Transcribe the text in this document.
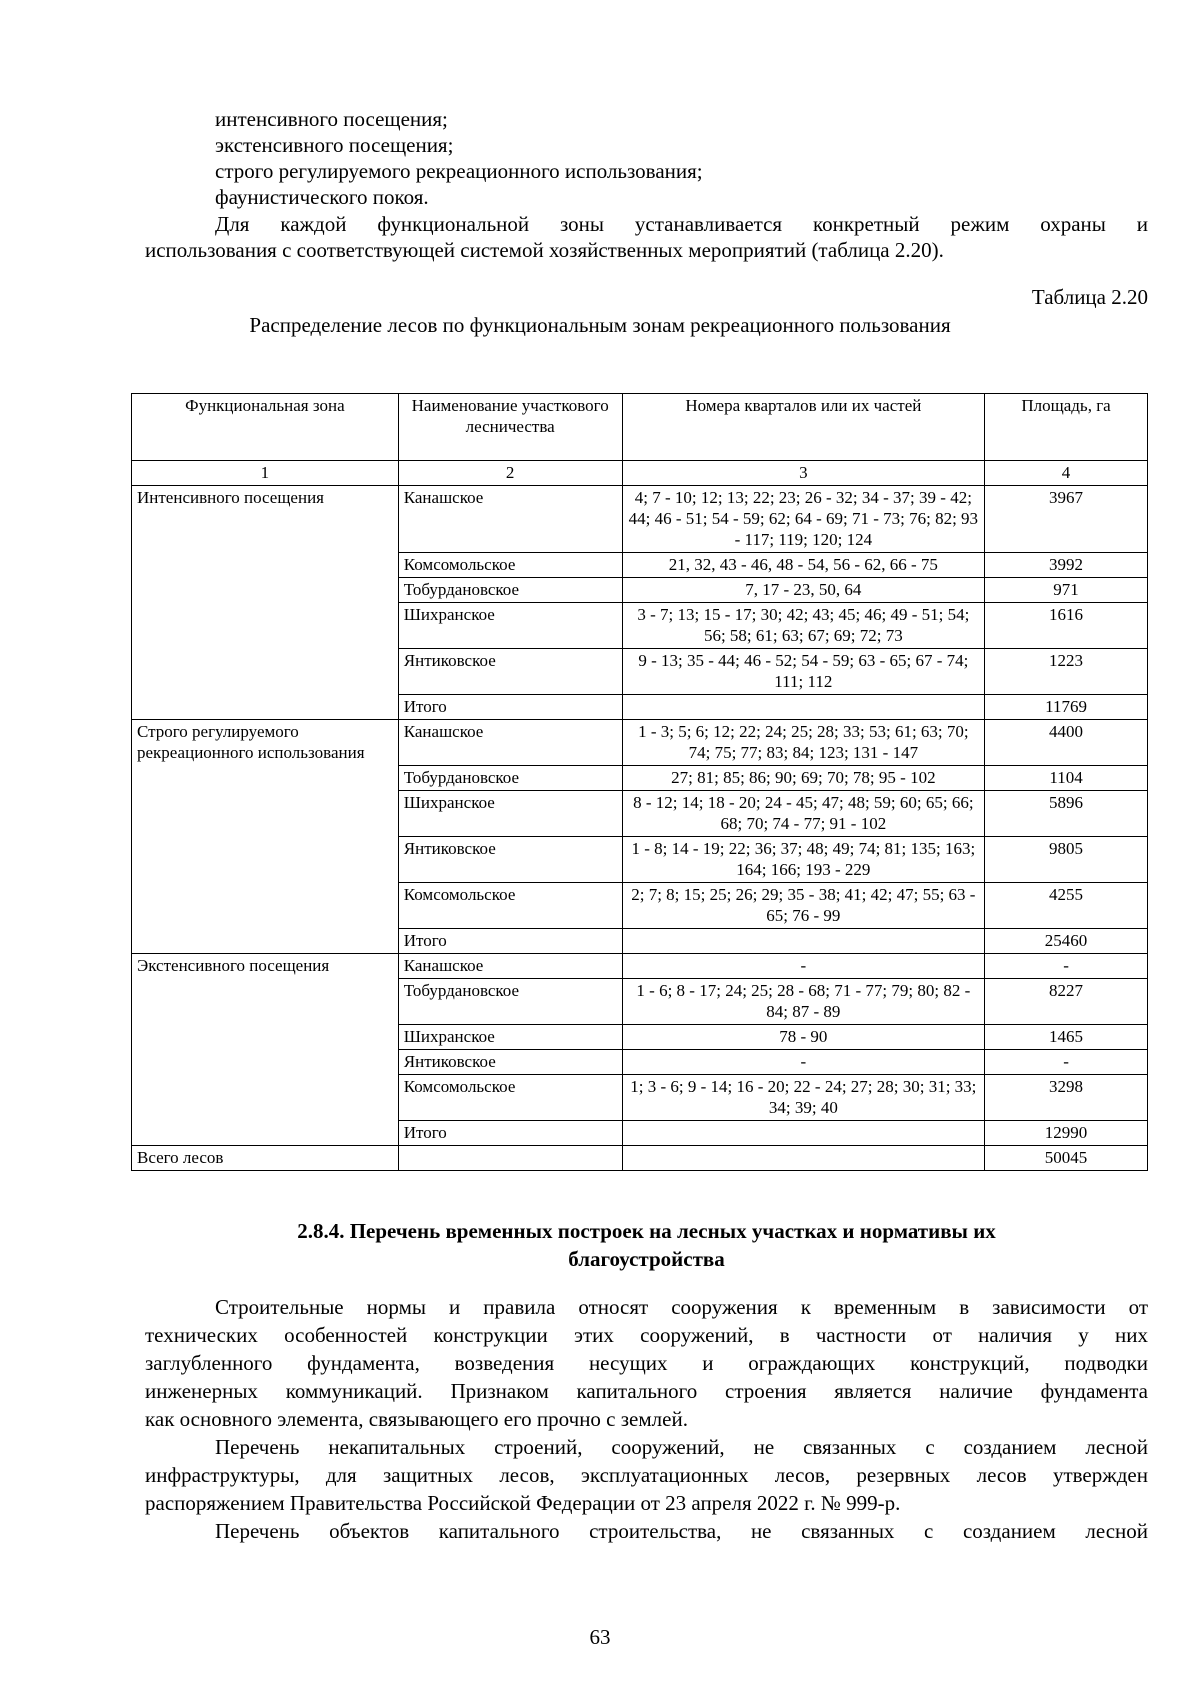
интенсивного посещения;
экстенсивного посещения;
строго регулируемого рекреационного использования;
фаунистического покоя.
Для каждой функциональной зоны устанавливается конкретный режим охраны и
использования с соответствующей системой хозяйственных мероприятий (таблица 2.20).
Таблица 2.20
Распределение лесов по функциональным зонам рекреационного пользования
Функциональная зона	Наименование участкового лесничества	Номера кварталов или их частей	Площадь, га
1	2	3	4
Интенсивного посещения	Канашское	4; 7 - 10; 12; 13; 22; 23; 26 - 32; 34 - 37; 39 - 42; 44; 46 - 51; 54 - 59; 62; 64 - 69; 71 - 73; 76; 82; 93 - 117; 119; 120; 124	3967
	Комсомольское	21, 32, 43 - 46, 48 - 54, 56 - 62, 66 - 75	3992
	Тобурдановское	7, 17 - 23, 50, 64	971
	Шихранское	3 - 7; 13; 15 - 17; 30; 42; 43; 45; 46; 49 - 51; 54; 56; 58; 61; 63; 67; 69; 72; 73	1616
	Янтиковское	9 - 13; 35 - 44; 46 - 52; 54 - 59; 63 - 65; 67 - 74; 111; 112	1223
	Итого		11769
Строго регулируемого рекреационного использования	Канашское	1 - 3; 5; 6; 12; 22; 24; 25; 28; 33; 53; 61; 63; 70; 74; 75; 77; 83; 84; 123; 131 - 147	4400
	Тобурдановское	27; 81; 85; 86; 90; 69; 70; 78; 95 - 102	1104
	Шихранское	8 - 12; 14; 18 - 20; 24 - 45; 47; 48; 59; 60; 65; 66; 68; 70; 74 - 77; 91 - 102	5896
	Янтиковское	1 - 8; 14 - 19; 22; 36; 37; 48; 49; 74; 81; 135; 163; 164; 166; 193 - 229	9805
	Комсомольское	2; 7; 8; 15; 25; 26; 29; 35 - 38; 41; 42; 47; 55; 63 - 65; 76 - 99	4255
	Итого		25460
Экстенсивного посещения	Канашское	-	-
	Тобурдановское	1 - 6; 8 - 17; 24; 25; 28 - 68; 71 - 77; 79; 80; 82 - 84; 87 - 89	8227
	Шихранское	78 - 90	1465
	Янтиковское	-	-
	Комсомольское	1; 3 - 6; 9 - 14; 16 - 20; 22 - 24; 27; 28; 30; 31; 33; 34; 39; 40	3298
	Итого		12990
Всего лесов			50045
2.8.4. Перечень временных построек на лесных участках и нормативы их
благоустройства
Строительные нормы и правила относят сооружения к временным в зависимости от
технических особенностей конструкции этих сооружений, в частности от наличия у них
заглубленного фундамента, возведения несущих и ограждающих конструкций, подводки
инженерных коммуникаций. Признаком капитального строения является наличие фундамента
как основного элемента, связывающего его прочно с землей.
Перечень некапитальных строений, сооружений, не связанных с созданием лесной
инфраструктуры, для защитных лесов, эксплуатационных лесов, резервных лесов утвержден
распоряжением Правительства Российской Федерации от 23 апреля 2022 г. № 999-р.
Перечень объектов капитального строительства, не связанных с созданием лесной
63
